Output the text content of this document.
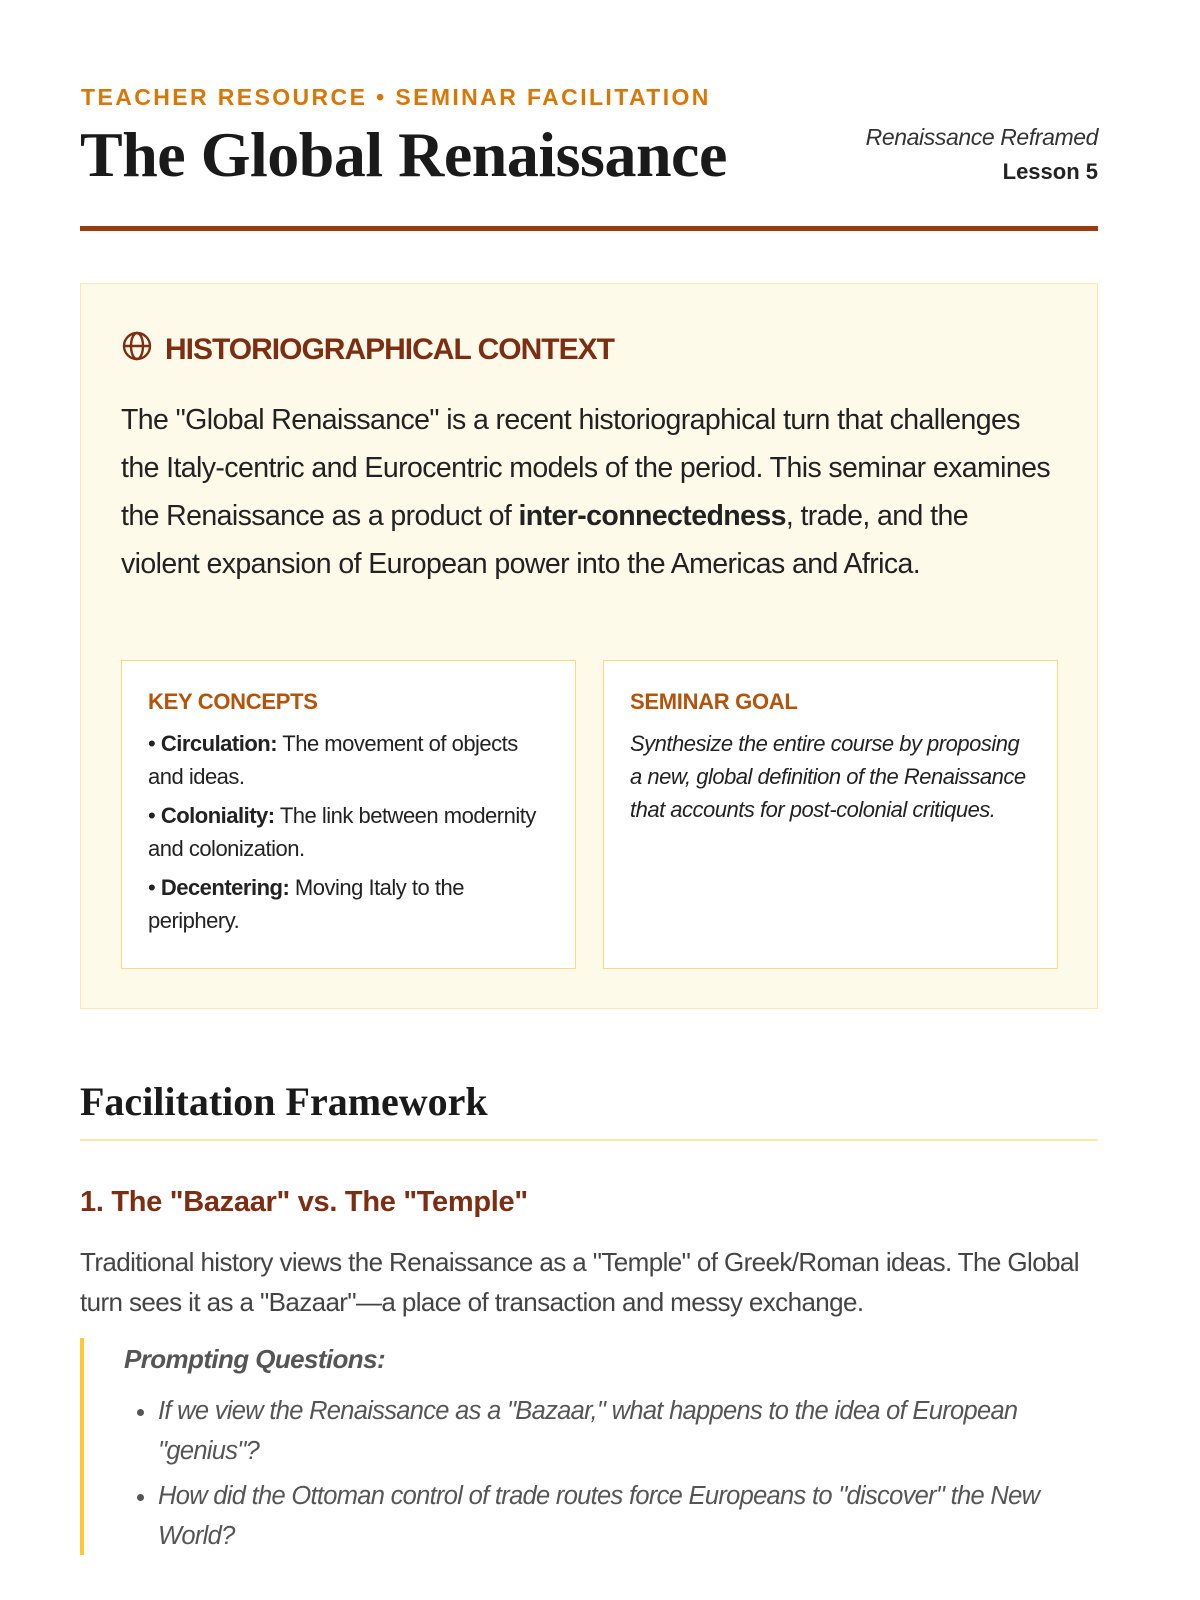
TEACHER RESOURCE • SEMINAR FACILITATION
The Global Renaissance	Renaissance Reframed
Lesson 5
HISTORIOGRAPHICAL CONTEXT

The "Global Renaissance" is a recent historiographical turn that challenges the Italy-centric and Eurocentric models of the period. This seminar examines the Renaissance as a product of inter-connectedness, trade, and the violent expansion of European power into the Americas and Africa.

KEY CONCEPTS
• Circulation: The movement of objects and ideas.
• Coloniality: The link between modernity and colonization.
• Decentering: Moving Italy to the periphery.
SEMINAR GOAL

Synthesize the entire course by proposing a new, global definition of the Renaissance that accounts for post-colonial critiques.

Facilitation Framework
1. The "Bazaar" vs. The "Temple"

Traditional history views the Renaissance as a "Temple" of Greek/Roman ideas. The Global turn sees it as a "Bazaar"—a place of transaction and messy exchange.

Prompting Questions:
• If we view the Renaissance as a "Bazaar," what happens to the idea of European "genius"?
• How did the Ottoman control of trade routes force Europeans to "discover" the New World?
